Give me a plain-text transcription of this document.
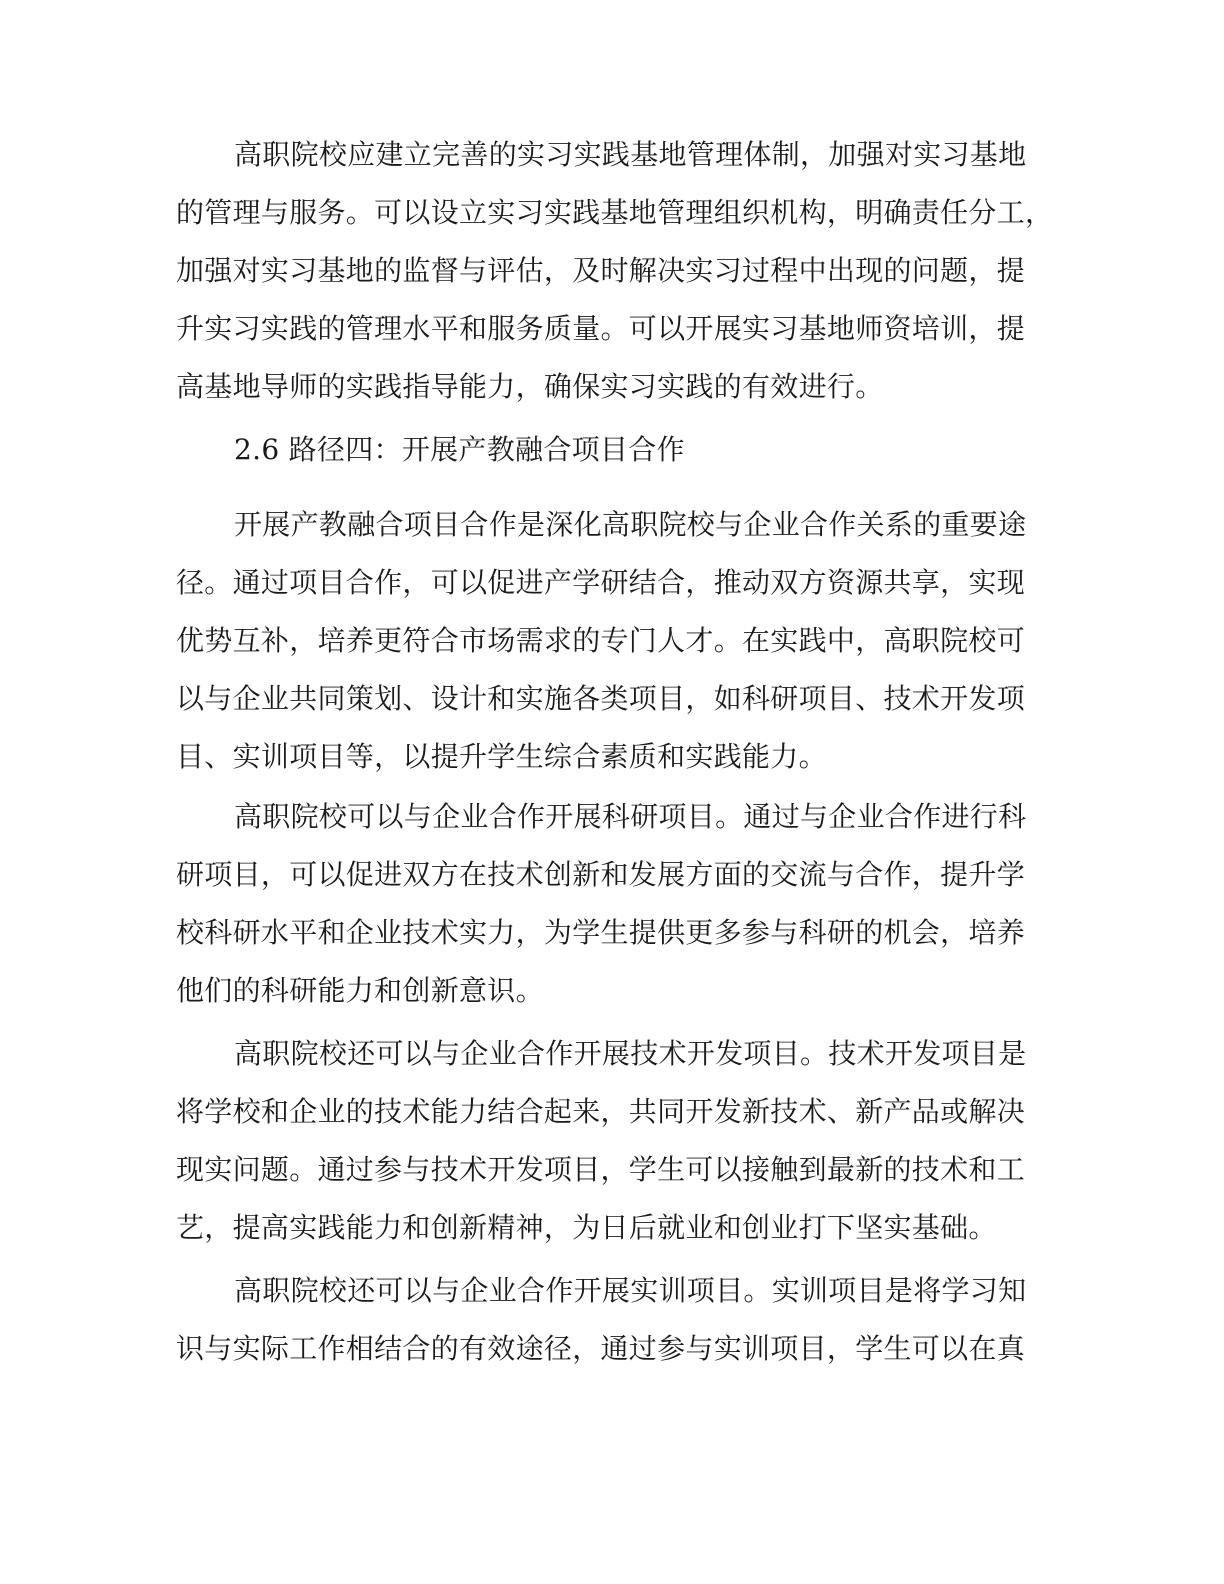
高职院校应建立完善的实习实践基地管理体制，加强对实习基地
的管理与服务。可以设立实习实践基地管理组织机构，明确责任分工，
加强对实习基地的监督与评估，及时解决实习过程中出现的问题，提
升实习实践的管理水平和服务质量。可以开展实习基地师资培训，提
高基地导师的实践指导能力，确保实习实践的有效进行。
2.6 路径四：开展产教融合项目合作
开展产教融合项目合作是深化高职院校与企业合作关系的重要途
径。通过项目合作，可以促进产学研结合，推动双方资源共享，实现
优势互补，培养更符合市场需求的专门人才。在实践中，高职院校可
以与企业共同策划、设计和实施各类项目，如科研项目、技术开发项
目、实训项目等，以提升学生综合素质和实践能力。
高职院校可以与企业合作开展科研项目。通过与企业合作进行科
研项目，可以促进双方在技术创新和发展方面的交流与合作，提升学
校科研水平和企业技术实力，为学生提供更多参与科研的机会，培养
他们的科研能力和创新意识。
高职院校还可以与企业合作开展技术开发项目。技术开发项目是
将学校和企业的技术能力结合起来，共同开发新技术、新产品或解决
现实问题。通过参与技术开发项目，学生可以接触到最新的技术和工
艺，提高实践能力和创新精神，为日后就业和创业打下坚实基础。
高职院校还可以与企业合作开展实训项目。实训项目是将学习知
识与实际工作相结合的有效途径，通过参与实训项目，学生可以在真
